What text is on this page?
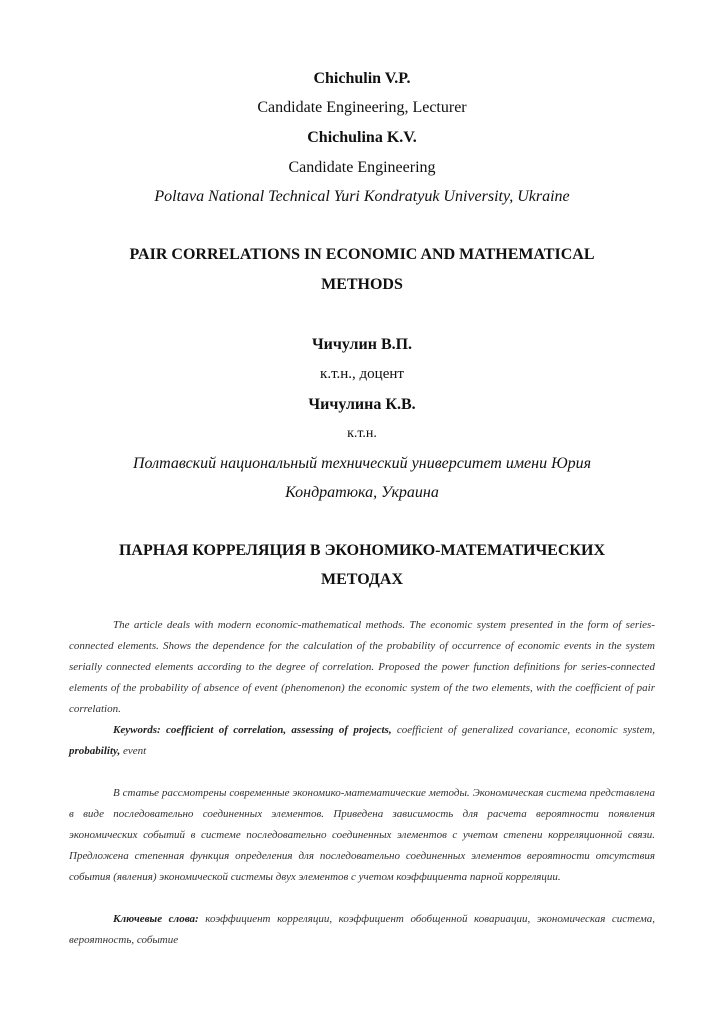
Chichulin V.P.
Candidate Engineering, Lecturer
Chichulina K.V.
Candidate Engineering
Poltava National Technical Yuri Kondratyuk University, Ukraine
PAIR CORRELATIONS IN ECONOMIC AND MATHEMATICAL
METHODS
Чичулин В.П.
к.т.н., доцент
Чичулина К.В.
к.т.н.
Полтавский национальный технический университет имени Юрия
Кондратюка, Украина
ПАРНАЯ КОРРЕЛЯЦИЯ В ЭКОНОМИКО-МАТЕМАТИЧЕСКИХ
МЕТОДАХ

The article deals with modern economic-mathematical methods. The economic system presented in the form of series-connected elements. Shows the dependence for the calculation of the probability of occurrence of economic events in the system serially connected elements according to the degree of correlation. Proposed the power function definitions for series-connected elements of the probability of absence of event (phenomenon) the economic system of the two elements, with the coefficient of pair correlation.

Keywords: coefficient of correlation, assessing of projects, coefficient of generalized covariance, economic system, probability, event

В статье рассмотрены современные экономико-математические методы. Экономическая система представлена в виде последовательно соединенных элементов. Приведена зависимость для расчета вероятности появления экономических событий в системе последовательно соединенных элементов с учетом степени корреляционной связи. Предложена степенная функция определения для последовательно соединенных элементов вероятности отсутствия события (явления) экономической системы двух элементов с учетом коэффициента парной корреляции.

Ключевые слова: коэффициент корреляции, коэффициент обобщенной ковариации, экономическая система, вероятность, событие
